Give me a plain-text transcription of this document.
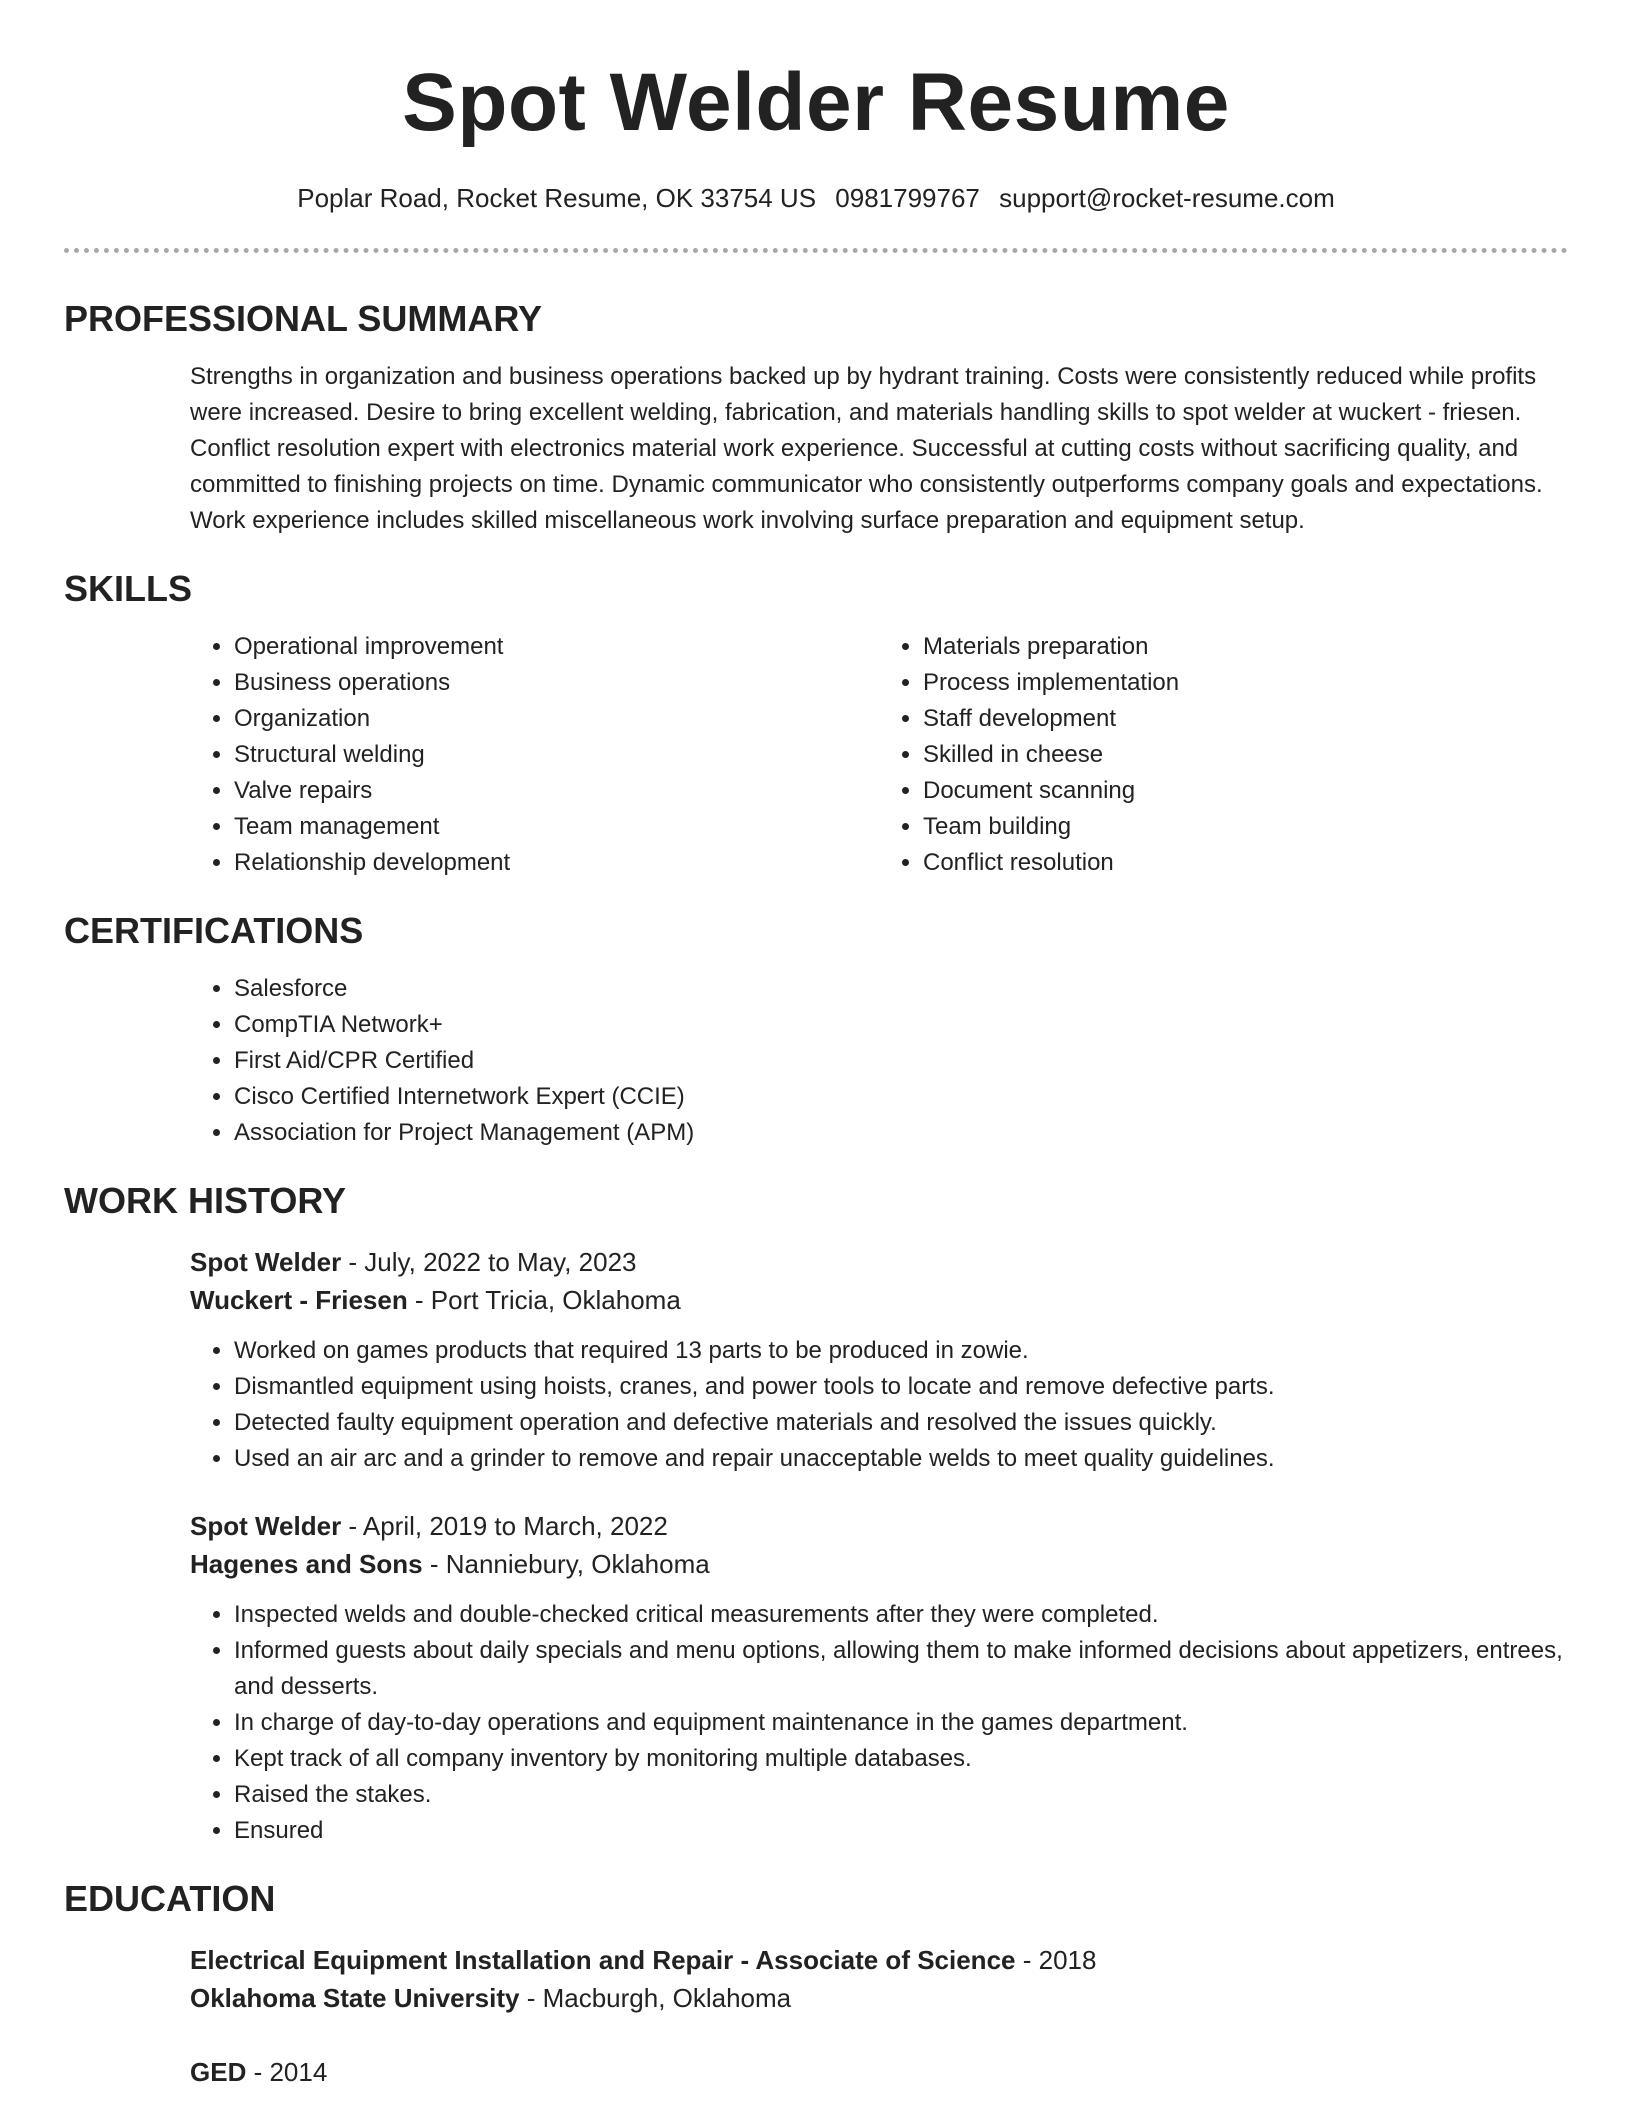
Spot Welder Resume
Poplar Road, Rocket Resume, OK 33754 US 0981799767 support@rocket-resume.com
PROFESSIONAL SUMMARY

Strengths in organization and business operations backed up by hydrant training. Costs were consistently reduced while profits were increased. Desire to bring excellent welding, fabrication, and materials handling skills to spot welder at wuckert - friesen. Conflict resolution expert with electronics material work experience. Successful at cutting costs without sacrificing quality, and committed to finishing projects on time. Dynamic communicator who consistently outperforms company goals and expectations. Work experience includes skilled miscellaneous work involving surface preparation and equipment setup.

SKILLS
• Operational improvement
• Business operations
• Organization
• Structural welding
• Valve repairs
• Team management
• Relationship development
• Materials preparation
• Process implementation
• Staff development
• Skilled in cheese
• Document scanning
• Team building
• Conflict resolution
CERTIFICATIONS
• Salesforce
• CompTIA Network+
• First Aid/CPR Certified
• Cisco Certified Internetwork Expert (CCIE)
• Association for Project Management (APM)
WORK HISTORY
Spot Welder - July, 2022 to May, 2023
Wuckert - Friesen - Port Tricia, Oklahoma
• Worked on games products that required 13 parts to be produced in zowie.
• Dismantled equipment using hoists, cranes, and power tools to locate and remove defective parts.
• Detected faulty equipment operation and defective materials and resolved the issues quickly.
• Used an air arc and a grinder to remove and repair unacceptable welds to meet quality guidelines.
Spot Welder - April, 2019 to March, 2022
Hagenes and Sons - Nanniebury, Oklahoma
• Inspected welds and double-checked critical measurements after they were completed.
• Informed guests about daily specials and menu options, allowing them to make informed decisions about appetizers, entrees, and desserts.
• In charge of day-to-day operations and equipment maintenance in the games department.
• Kept track of all company inventory by monitoring multiple databases.
• Raised the stakes.
• Ensured
EDUCATION
Electrical Equipment Installation and Repair - Associate of Science - 2018
Oklahoma State University - Macburgh, Oklahoma
GED - 2014
